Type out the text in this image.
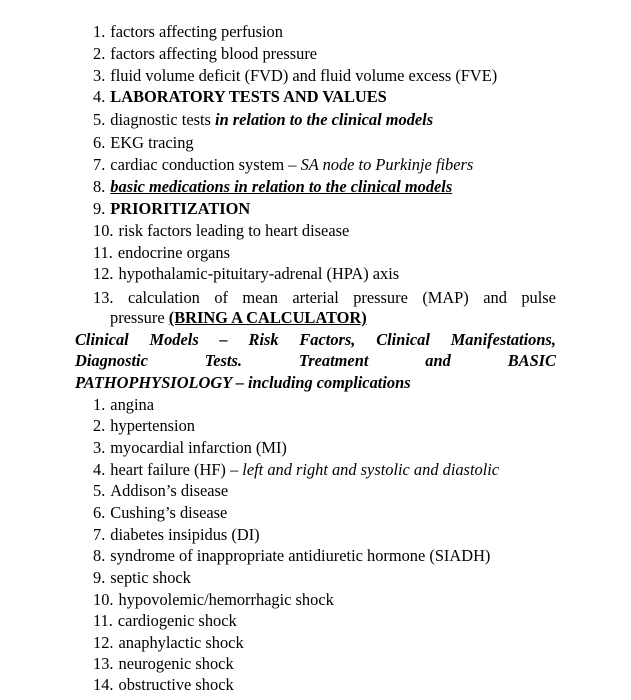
1. factors affecting perfusion
2. factors affecting blood pressure
3. fluid volume deficit (FVD) and fluid volume excess (FVE)
4. LABORATORY TESTS AND VALUES
5. diagnostic tests in relation to the clinical models
6. EKG tracing
7. cardiac conduction system – SA node to Purkinje fibers
8. basic medications in relation to the clinical models
9. PRIORITIZATION
10. risk factors leading to heart disease
11. endocrine organs
12. hypothalamic-pituitary-adrenal (HPA) axis
13. calculation of mean arterial pressure (MAP) and pulse
pressure (BRING A CALCULATOR)
Clinical Models – Risk Factors, Clinical Manifestations,
Diagnostic	Tests.	Treatment	and	BASIC
PATHOPHYSIOLOGY – including complications
1. angina
2. hypertension
3. myocardial infarction (MI)
4. heart failure (HF) – left and right and systolic and diastolic
5. Addison’s disease
6. Cushing’s disease
7. diabetes insipidus (DI)
8. syndrome of inappropriate antidiuretic hormone (SIADH)
9. septic shock
10. hypovolemic/hemorrhagic shock
11. cardiogenic shock
12. anaphylactic shock
13. neurogenic shock
14. obstructive shock
